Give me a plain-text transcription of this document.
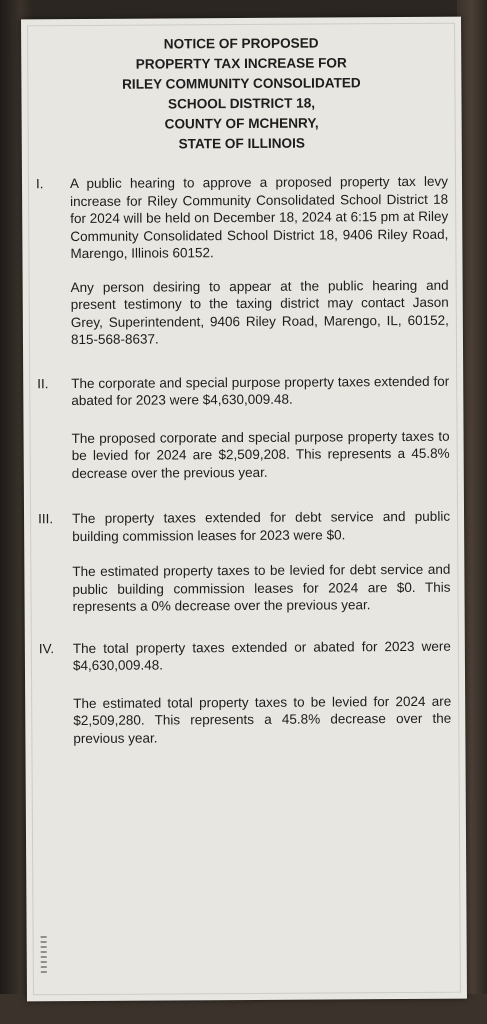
NOTICE OF PROPOSED
PROPERTY TAX INCREASE FOR
RILEY COMMUNITY CONSOLIDATED
SCHOOL DISTRICT 18,
COUNTY OF MCHENRY,
STATE OF ILLINOIS
I. A public hearing to approve a proposed property tax levy increase for Riley Community Consolidated School District 18 for 2024 will be held on December 18, 2024 at 6:15 pm at Riley Community Consolidated School District 18, 9406 Riley Road, Marengo, Illinois 60152.
Any person desiring to appear at the public hearing and present testimony to the taxing district may contact Jason Grey, Superintendent, 9406 Riley Road, Marengo, IL, 60152, 815-568-8637.
II. The corporate and special purpose property taxes extended for abated for 2023 were $4,630,009.48.
The proposed corporate and special purpose property taxes to be levied for 2024 are $2,509,208. This represents a 45.8% decrease over the previous year.
III. The property taxes extended for debt service and public building commission leases for 2023 were $0.
The estimated property taxes to be levied for debt service and public building commission leases for 2024 are $0. This represents a 0% decrease over the previous year.
IV. The total property taxes extended or abated for 2023 were $4,630,009.48.
The estimated total property taxes to be levied for 2024 are $2,509,280. This represents a 45.8% decrease over the previous year.
